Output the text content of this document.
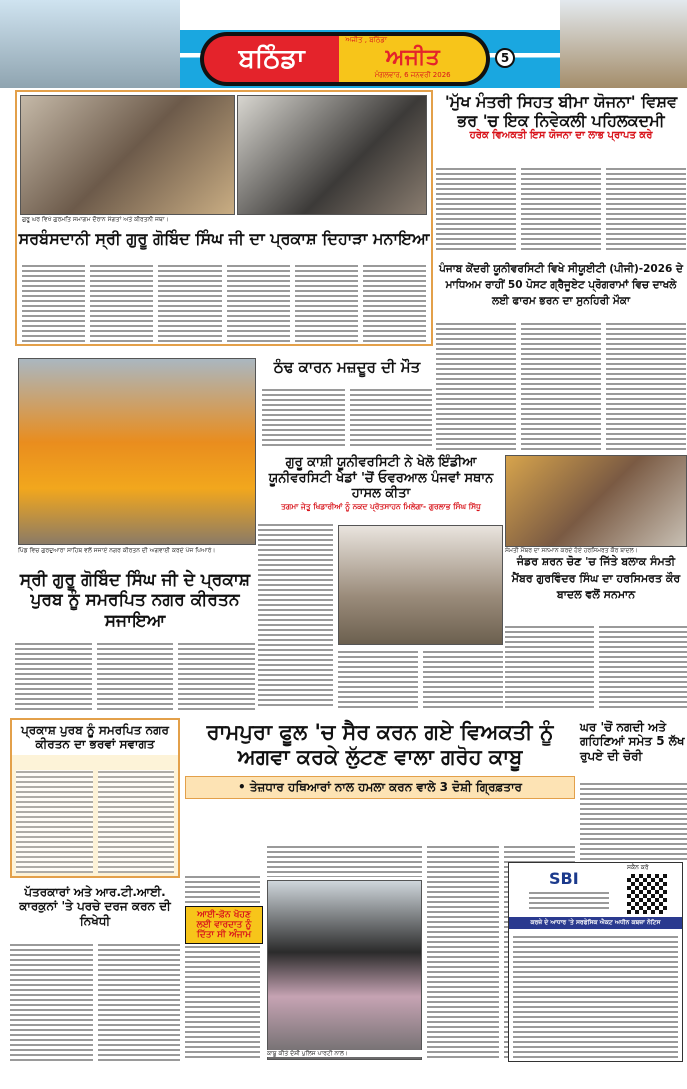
ਬਠਿੰਡਾ
ਅਜੀਤ , ਬਠਿੰਡਾ
ਅਜੀਤ
ਮੰਗਲਵਾਰ, 6 ਜਨਵਰੀ 2026
5
ਗੁਰੂ ਘਰ ਵਿਖੇ ਗੁਰਮਤਿ ਸਮਾਗਮ ਦੌਰਾਨ ਸੰਗਤਾਂ ਅਤੇ ਕੀਰਤਨੀ ਜਥਾ।
ਸਰਬੰਸਦਾਨੀ ਸ੍ਰੀ ਗੁਰੂ ਗੋਬਿੰਦ ਸਿੰਘ ਜੀ ਦਾ ਪ੍ਰਕਾਸ਼ ਦਿਹਾੜਾ ਮਨਾਇਆ
'ਮੁੱਖ ਮੰਤਰੀ ਸਿਹਤ ਬੀਮਾ ਯੋਜਨਾ' ਵਿਸ਼ਵ ਭਰ 'ਚ ਇਕ ਨਿਵੇਕਲੀ ਪਹਿਲਕਦਮੀ
ਹਰੇਕ ਵਿਅਕਤੀ ਇਸ ਯੋਜਨਾ ਦਾ ਲਾਭ ਪ੍ਰਾਪਤ ਕਰੇ
ਪੰਜਾਬ ਕੇਂਦਰੀ ਯੂਨੀਵਰਸਿਟੀ ਵਿਖੇ ਸੀਯੂਈਟੀ (ਪੀਜੀ)-2026 ਦੇ ਮਾਧਿਅਮ ਰਾਹੀਂ 50 ਪੋਸਟ ਗ੍ਰੈਜੂਏਟ ਪ੍ਰੋਗਰਾਮਾਂ ਵਿਚ ਦਾਖਲੇ ਲਈ ਫਾਰਮ ਭਰਨ ਦਾ ਸੁਨਹਿਰੀ ਮੌਕਾ
ਪਿੰਡ ਵਿਚ ਗੁਰਦੁਆਰਾ ਸਾਹਿਬ ਵਲੋਂ ਸਜਾਏ ਨਗਰ ਕੀਰਤਨ ਦੀ ਅਗਵਾਈ ਕਰਦੇ ਪੰਜ ਪਿਆਰੇ।
ਠੰਢ ਕਾਰਨ ਮਜ਼ਦੂਰ ਦੀ ਮੌਤ
ਗੁਰੂ ਕਾਸ਼ੀ ਯੂਨੀਵਰਸਿਟੀ ਨੇ ਖੇਲੋ ਇੰਡੀਆ ਯੂਨੀਵਰਸਿਟੀ ਖੇਡਾਂ 'ਚੋਂ ਓਵਰਆਲ ਪੰਜਵਾਂ ਸਥਾਨ ਹਾਸਲ ਕੀਤਾ
ਤਗਮਾ ਜੇਤੂ ਖਿਡਾਰੀਆਂ ਨੂੰ ਨਕਦ ਪ੍ਰੋਤਸਾਹਨ ਮਿਲੇਗਾ- ਗੁਰਲਾਭ ਸਿੰਘ ਸਿੱਧੂ
ਸੰਮਤੀ ਮੈਂਬਰ ਦਾ ਸਨਮਾਨ ਕਰਦੇ ਹੋਏ ਹਰਸਿਮਰਤ ਕੌਰ ਬਾਦਲ।
ਜੰਡਰ ਸ਼ਰਨ ਚੋਣ 'ਚ ਜਿੱਤੇ ਬਲਾਕ ਸੰਮਤੀ ਮੈਂਬਰ ਗੁਰਵਿੰਦਰ ਸਿੰਘ ਦਾ ਹਰਸਿਮਰਤ ਕੌਰ ਬਾਦਲ ਵਲੋਂ ਸਨਮਾਨ
ਸ੍ਰੀ ਗੁਰੂ ਗੋਬਿੰਦ ਸਿੰਘ ਜੀ ਦੇ ਪ੍ਰਕਾਸ਼ ਪੁਰਬ ਨੂੰ ਸਮਰਪਿਤ ਨਗਰ ਕੀਰਤਨ ਸਜਾਇਆ
ਪ੍ਰਕਾਸ਼ ਪੁਰਬ ਨੂੰ ਸਮਰਪਿਤ ਨਗਰ ਕੀਰਤਨ ਦਾ ਭਰਵਾਂ ਸਵਾਗਤ
ਪੱਤਰਕਾਰਾਂ ਅਤੇ ਆਰ.ਟੀ.ਆਈ. ਕਾਰਕੁਨਾਂ 'ਤੇ ਪਰਚੇ ਦਰਜ ਕਰਨ ਦੀ ਨਿਖੇਧੀ
ਰਾਮਪੁਰਾ ਫੂਲ 'ਚ ਸੈਰ ਕਰਨ ਗਏ ਵਿਅਕਤੀ ਨੂੰ ਅਗਵਾ ਕਰਕੇ ਲੁੱਟਣ ਵਾਲਾ ਗਰੋਹ ਕਾਬੂ
• ਤੇਜ਼ਧਾਰ ਹਥਿਆਰਾਂ ਨਾਲ ਹਮਲਾ ਕਰਨ ਵਾਲੇ 3 ਦੋਸ਼ੀ ਗ੍ਰਿਫ਼ਤਾਰ
ਆਈ-ਫ਼ੋਨ ਖੋਹਣ ਲਈ ਵਾਰਦਾਤ ਨੂੰ ਦਿੱਤਾ ਸੀ ਅੰਜਾਮ
ਕਾਬੂ ਕੀਤੇ ਦੋਸ਼ੀ ਪੁਲਿਸ ਪਾਰਟੀ ਨਾਲ।
ਘਰ 'ਚੋਂ ਨਗਦੀ ਅਤੇ ਗਹਿਣਿਆਂ ਸਮੇਤ 5 ਲੱਖ ਰੁਪਏ ਦੀ ਚੋਰੀ
SBI
ਸਕੈਨ ਕਰੋ
ਕਰਜ਼ੇ ਦੇ ਆਧਾਰ 'ਤੇ ਸਰਫੇਸਿਕ ਐਕਟ ਅਧੀਨ ਕਬਜ਼ਾ ਨੋਟਿਸ
